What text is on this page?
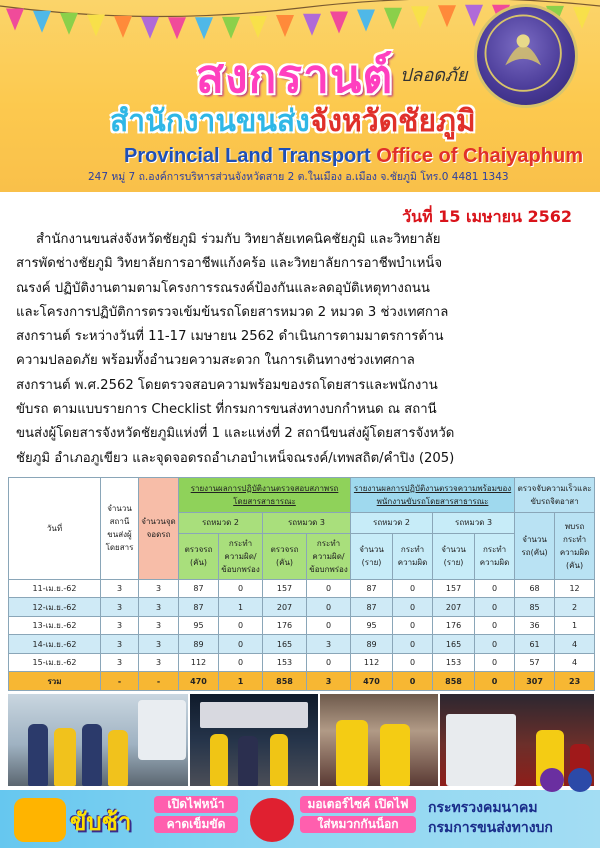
สงกรานต์ ปลอดภัย
สำนักงานขนส่งจังหวัดชัยภูมิ
Provincial Land Transport Office of Chaiyaphum
247 หมู่ 7 ถ.องค์การบริหารส่วนจังหวัดสาย 2 ต.ในเมือง อ.เมือง จ.ชัยภูมิ โทร.0 4481 1343
วันที่ 15 เมษายน 2562
สำนักงานขนส่งจังหวัดชัยภูมิ ร่วมกับ วิทยาลัยเทคนิคชัยภูมิ และวิทยาลัย
สารพัดช่างชัยภูมิ วิทยาลัยการอาชีพแก้งคร้อ และวิทยาลัยการอาชีพบำเหน็จ
ณรงค์ ปฏิบัติงานตามตามโครงการรณรงค์ป้องกันและลดอุบัติเหตุทางถนน
และโครงการปฏิบัติการตรวจเข้มข้นรถโดยสารหมวด 2 หมวด 3 ช่วงเทศกาล
สงกรานต์ ระหว่างวันที่ 11-17 เมษายน 2562 ดำเนินการตามมาตรการด้าน
ความปลอดภัย พร้อมทั้งอำนวยความสะดวก ในการเดินทางช่วงเทศกาล
สงกรานต์ พ.ศ.2562 โดยตรวจสอบความพร้อมของรถโดยสารและพนักงาน
ขับรถ ตามแบบรายการ Checklist ที่กรมการขนส่งทางบกกำหนด ณ สถานี
ขนส่งผู้โดยสารจังหวัดชัยภูมิแห่งที่ 1 และแห่งที่ 2 สถานีขนส่งผู้โดยสารจังหวัด
ชัยภูมิ อำเภอภูเขียว และจุดจอดรถอำเภอบำเหน็จณรงค์/เทพสถิต/คำปิง (205)
วันที่	จำนวนสถานีขนส่งผู้โดยสาร	จำนวนจุดจอดรถ	รายงานผลการปฏิบัติงานตรวจสอบสภาพรถโดยสารสาธารณะ				รายงานผลการปฏิบัติงานตรวจความพร้อมของพนักงานขับรถโดยสารสาธารณะ				ตรวจจับความเร็วและขับรถจิตอาสา	
			รถหมวด 2		รถหมวด 3		รถหมวด 2		รถหมวด 3		จำนวนรถ(คัน)	พบรถกระทำความผิด (คัน)
			ตรวจรถ (คัน)	กระทำความผิด/ข้อบกพร่อง	ตรวจรถ (คัน)	กระทำความผิด/ข้อบกพร่อง	จำนวน (ราย)	กระทำความผิด	จำนวน (ราย)	กระทำความผิด		
11-เม.ย.-62	3	3	87	0	157	0	87	0	157	0	68	12
12-เม.ย.-62	3	3	87	1	207	0	87	0	207	0	85	2
13-เม.ย.-62	3	3	95	0	176	0	95	0	176	0	36	1
14-เม.ย.-62	3	3	89	0	165	3	89	0	165	0	61	4
15-เม.ย.-62	3	3	112	0	153	0	112	0	153	0	57	4
รวม	-	-	470	1	858	3	470	0	858	0	307	23
ขับช้า
เปิดไฟหน้า
คาดเข็มขัด
มอเตอร์ไซค์ เปิดไฟ
ใส่หมวกกันน็อก
กระทรวงคมนาคม
กรมการขนส่งทางบก
